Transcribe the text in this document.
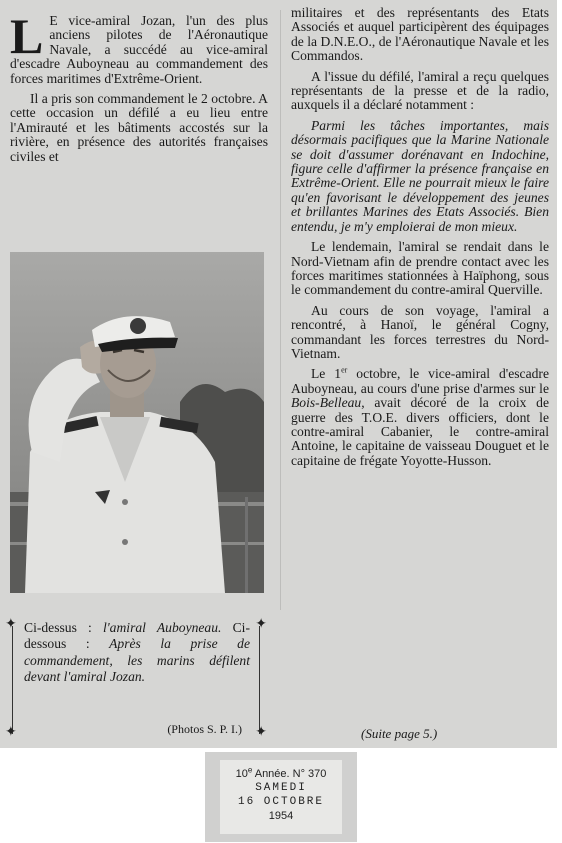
L E vice-amiral Jozan, l'un des plus anciens pilotes de l'Aéronautique Navale, a succédé au vice-amiral d'escadre Auboyneau au commandement des forces maritimes d'Extrême-Orient.

Il a pris son commandement le 2 octobre. A cette occasion un défilé a eu lieu entre l'Amirauté et les bâtiments accostés sur la rivière, en présence des autorités françaises civiles et

militaires et des représentants des Etats Associés et auquel participèrent des équipages de la D.N.E.O., de l'Aéronautique Navale et les Commandos.

A l'issue du défilé, l'amiral a reçu quelques représentants de la presse et de la radio, auxquels il a déclaré notamment :

Parmi les tâches importantes, mais désormais pacifiques que la Marine Nationale se doit d'assumer dorénavant en Indochine, figure celle d'affirmer la présence française en Extrême-Orient. Elle ne pourrait mieux le faire qu'en favorisant le développement des jeunes et brillantes Marines des Etats Associés. Bien entendu, je m'y emploierai de mon mieux.

Le lendemain, l'amiral se rendait dans le Nord-Vietnam afin de prendre contact avec les forces maritimes stationnées à Haïphong, sous le commandement du contre-amiral Querville.

Au cours de son voyage, l'amiral a rencontré, à Hanoï, le général Cogny, commandant les forces terrestres du Nord-Vietnam.

Le 1er octobre, le vice-amiral d'escadre Auboyneau, au cours d'une prise d'armes sur le Bois-Belleau, avait décoré de la croix de guerre des T.O.E. divers officiers, dont le contre-amiral Cabanier, le contre-amiral Antoine, le capitaine de vaisseau Douguet et le capitaine de frégate Yoyotte-Husson.

✦	✦
✦	✦
Ci-dessus : l'amiral Auboyneau. Ci-dessous : Après la prise de commandement, les marins défilent devant l'amiral Jozan.
(Photos S. P. I.)	(Suite page 5.)
10e Année. N° 370
SAMEDI
16 OCTOBRE
1954
